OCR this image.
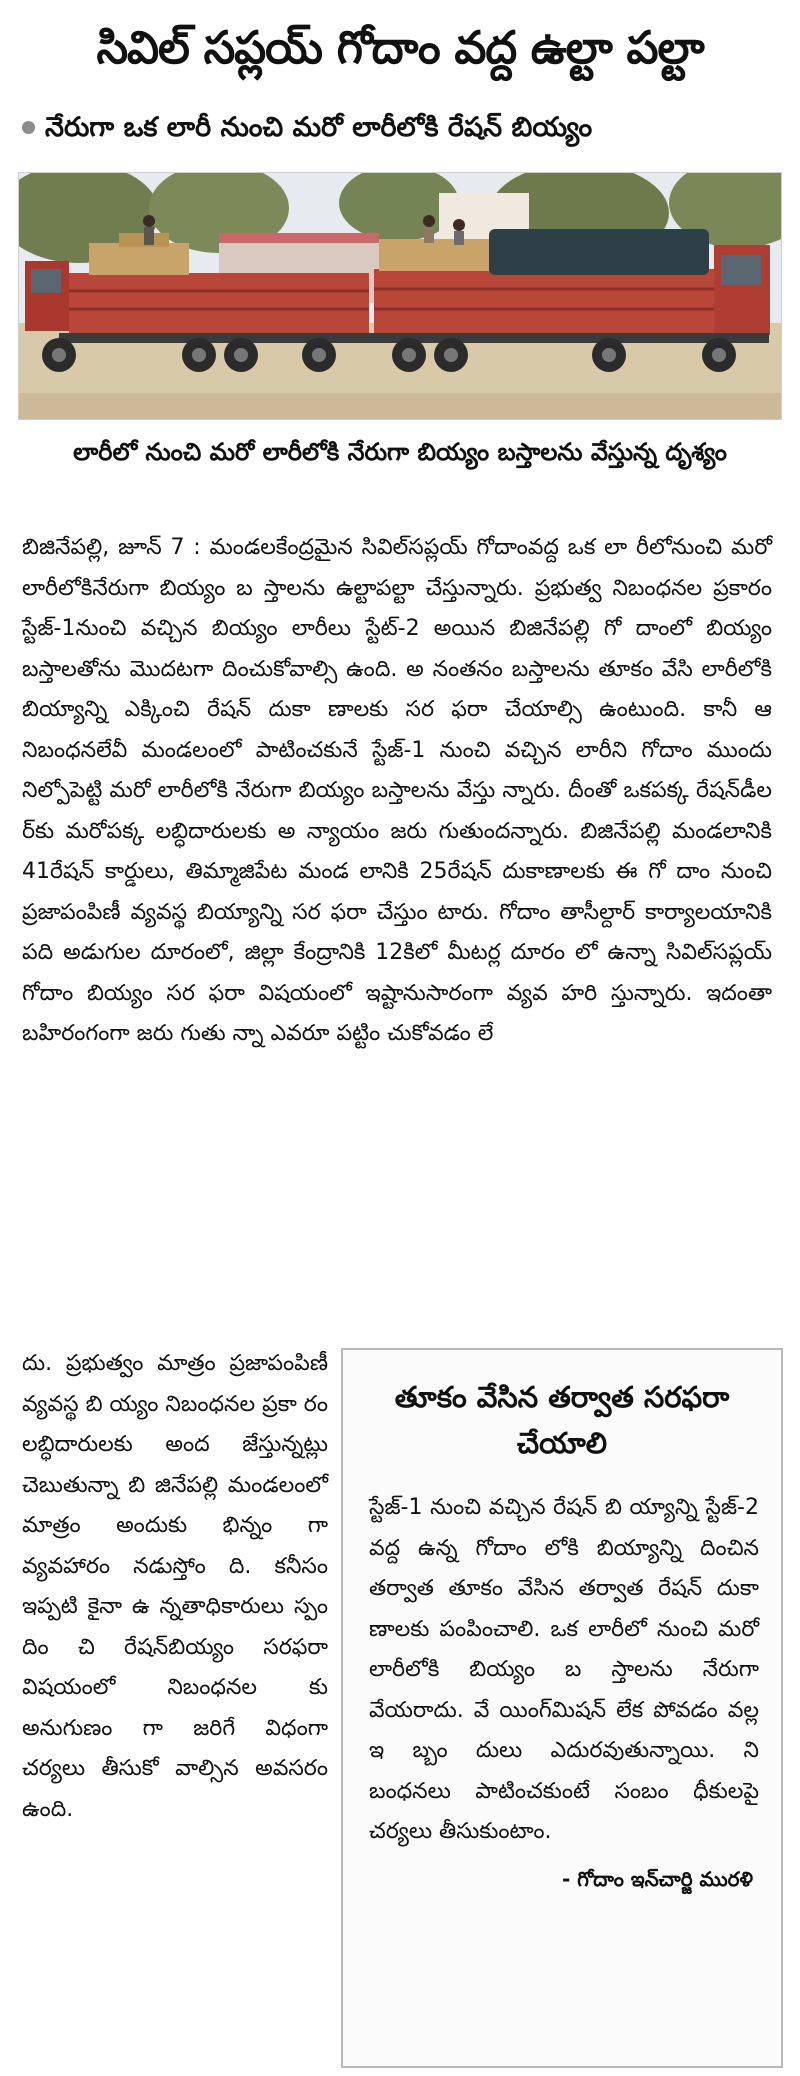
సివిల్ సప్లయ్ గోదాం వద్ద ఉల్టా పల్టా
నేరుగా ఒక లారీ నుంచి మరో లారీలోకి రేషన్ బియ్యం
లారీలో నుంచి మరో లారీలోకి నేరుగా బియ్యం బస్తాలను వేస్తున్న దృశ్యం
బిజినేపల్లి, జూన్ 7 : మండలకేంద్రమైన సివిల్‌సప్లయ్ గోదాంవద్ద ఒక లా రీలోనుంచి మరో లారీలోకినేరుగా బియ్యం బ స్తాలను ఉల్టాపల్టా చేస్తున్నారు. ప్రభుత్వ నిబంధనల ప్రకారం స్టేజ్-1నుంచి వచ్చిన బియ్యం లారీలు స్టేట్-2 అయిన బిజినేపల్లి గో దాంలో బియ్యం బస్తాలతోను మొదటగా దించుకోవాల్సి ఉంది. అ నంతనం బస్తాలను తూకం వేసి లారీలోకి బియ్యాన్ని ఎక్కించి రేషన్ దుకా ణాలకు సర ఫరా చేయాల్సి ఉంటుంది. కానీ ఆ నిబంధనలేవీ మండలంలో పాటించకునే స్టేజ్-1 నుంచి వచ్చిన లారీని గోదాం ముందు నిల్పోపెట్టి మరో లారీలోకి నేరుగా బియ్యం బస్తాలను వేస్తు న్నారు. దీంతో ఒకపక్క రేషన్‌డీల ర్‌కు మరోపక్క లబ్ధిదారులకు అ న్యాయం జరు గుతుందన్నారు. బిజినేపల్లి మండలానికి 41రేషన్ కార్డులు, తిమ్మాజిపేట మండ లానికి 25రేషన్ దుకాణాలకు ఈ గో దాం నుంచి ప్రజాపంపిణీ వ్యవస్థ బియ్యాన్ని సర ఫరా చేస్తుం టారు. గోదాం తాసీల్దార్ కార్యాలయానికి పది అడుగుల దూరంలో, జిల్లా కేంద్రానికి 12కిలో మీటర్ల దూరం లో ఉన్నా సివిల్‌సప్లయ్ గోదాం బియ్యం సర ఫరా విషయంలో ఇష్టానుసారంగా వ్యవ హరి స్తున్నారు. ఇదంతా బహిరంగంగా జరు గుతు న్నా ఎవరూ పట్టిం చుకోవడం లే
దు. ప్రభుత్వం మాత్రం ప్రజాపంపిణీ వ్యవస్థ బి య్యం నిబంధనల ప్రకా రం లబ్ధిదారులకు అంద జేస్తున్నట్లు చెబుతున్నా బి జినేపల్లి మండలంలో మాత్రం అందుకు భిన్నం గా వ్యవహారం నడుస్తోం ది. కనీసం ఇప్పటి కైనా ఉ న్నతాధికారులు స్పం దిం చి రేషన్‌బియ్యం సరఫరా విషయంలో నిబంధనల కు అనుగుణం గా జరిగే విధంగా చర్యలు తీసుకో వాల్సిన అవసరం ఉంది.
తూకం వేసిన తర్వాత సరఫరా చేయాలి
స్టేజ్-1 నుంచి వచ్చిన రేషన్ బి య్యాన్ని స్టేజ్-2 వద్ద ఉన్న గోదాం లోకి బియ్యాన్ని దించిన తర్వాత తూకం వేసిన తర్వాత రేషన్ దుకా ణాలకు పంపించాలి. ఒక లారీలో నుంచి మరో లారీలోకి బియ్యం బ స్తాలను నేరుగా వేయరాదు. వే యింగ్‌మిషన్ లేక పోవడం వల్ల ఇ బ్బం దులు ఎదురవుతున్నాయి. ని బంధనలు పాటించకుంటే సంబం ధీకులపై చర్యలు తీసుకుంటాం.
- గోదాం ఇన్‌చార్జి మురళి
